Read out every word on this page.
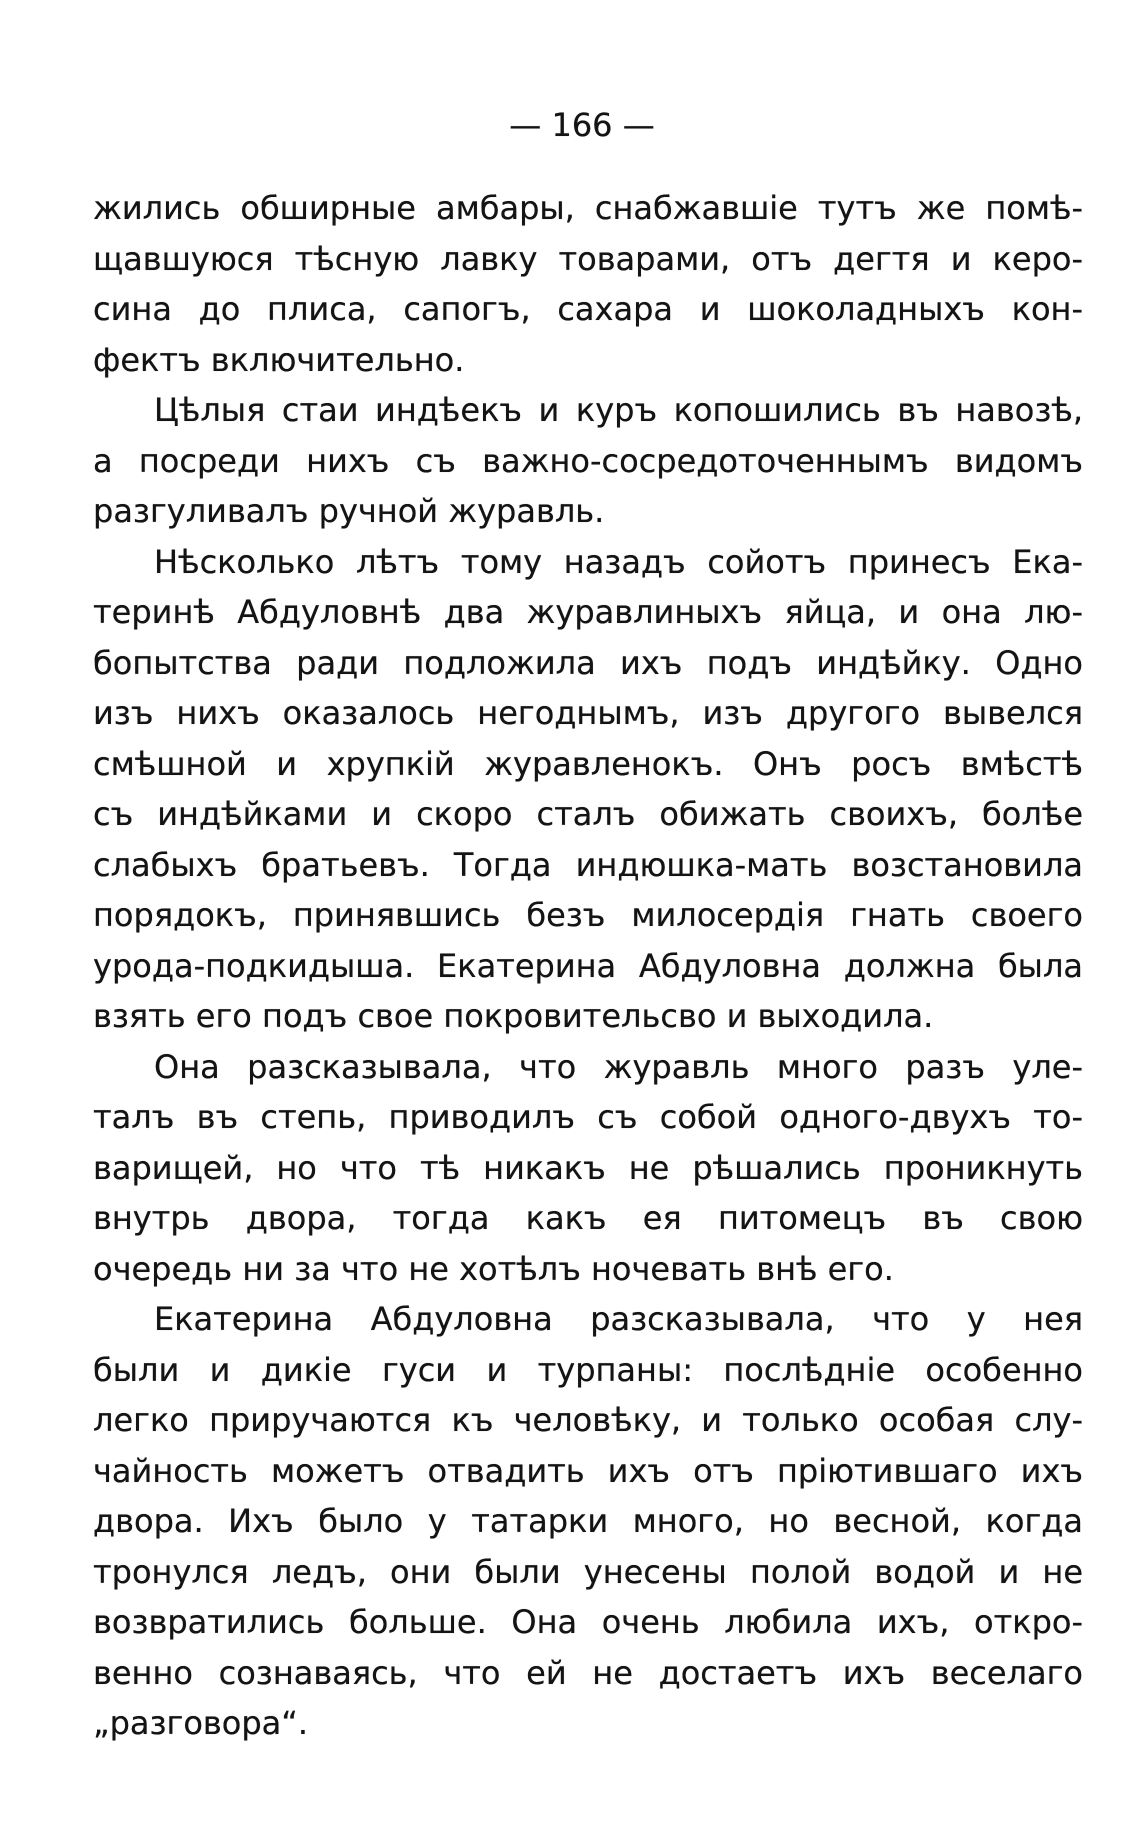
— 166 —
жились обширные амбары, снабжавшіе тутъ же помѣ-
щавшуюся тѣсную лавку товарами, отъ дегтя и керо-
сина до плиса, сапогъ, сахара и шоколадныхъ кон-
фектъ включительно.
Цѣлыя стаи индѣекъ и куръ копошились въ навозѣ,
а посреди нихъ съ важно-сосредоточеннымъ видомъ
разгуливалъ ручной журавль.
Нѣсколько лѣтъ тому назадъ сойотъ принесъ Ека-
теринѣ Абдуловнѣ два журавлиныхъ яйца, и она лю-
бопытства ради подложила ихъ подъ индѣйку. Одно
изъ нихъ оказалось негоднымъ, изъ другого вывелся
смѣшной и хрупкій журавленокъ. Онъ росъ вмѣстѣ
съ индѣйками и скоро сталъ обижать своихъ, болѣе
слабыхъ братьевъ. Тогда индюшка-мать возстановила
порядокъ, принявшись безъ милосердія гнать своего
урода-подкидыша. Екатерина Абдуловна должна была
взять его подъ свое покровительсво и выходила.
Она разсказывала, что журавль много разъ уле-
талъ въ степь, приводилъ съ собой одного-двухъ то-
варищей, но что тѣ никакъ не рѣшались проникнуть
внутрь двора, тогда какъ ея питомецъ въ свою
очередь ни за что не хотѣлъ ночевать внѣ его.
Екатерина Абдуловна разсказывала, что у нея
были и дикіе гуси и турпаны: послѣдніе особенно
легко приручаются къ человѣку, и только особая слу-
чайность можетъ отвадить ихъ отъ пріютившаго ихъ
двора. Ихъ было у татарки много, но весной, когда
тронулся ледъ, они были унесены полой водой и не
возвратились больше. Она очень любила ихъ, откро-
венно сознаваясь, что ей не достаетъ ихъ веселаго
„разговора“.
